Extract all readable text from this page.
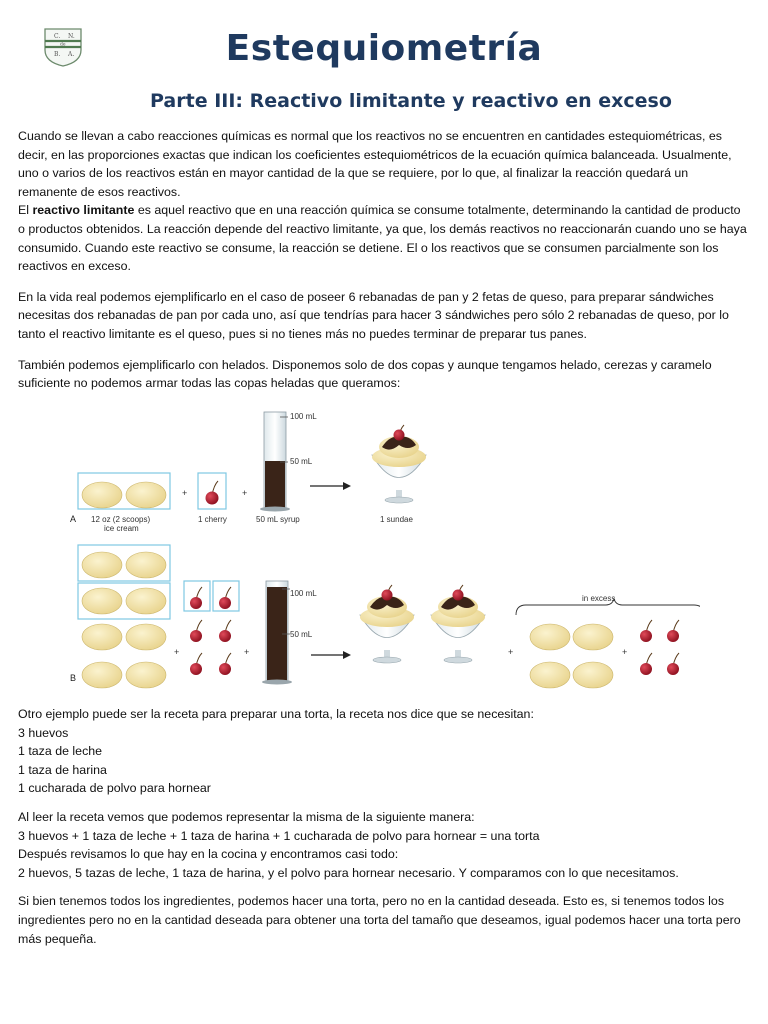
C. N.
de
B. A.	Estequiometría
Parte III: Reactivo limitante y reactivo en exceso

Cuando se llevan a cabo reacciones químicas es normal que los reactivos no se encuentren en cantidades estequiométricas, es decir, en las proporciones exactas que indican los coeficientes estequiométricos de la ecuación química balanceada. Usualmente, uno o varios de los reactivos están en mayor cantidad de la que se requiere, por lo que, al finalizar la reacción quedará un remanente de esos reactivos.

El reactivo limitante es aquel reactivo que en una reacción química se consume totalmente, determinando la cantidad de producto o productos obtenidos. La reacción depende del reactivo limitante, ya que, los demás reactivos no reaccionarán cuando uno se haya consumido. Cuando este reactivo se consume, la reacción se detiene. El o los reactivos que se consumen parcialmente son los reactivos en exceso.

En la vida real podemos ejemplificarlo en el caso de poseer 6 rebanadas de pan y 2 fetas de queso, para preparar sándwiches necesitas dos rebanadas de pan por cada uno, así que tendrías para hacer 3 sándwiches pero sólo 2 rebanadas de queso, por lo tanto el reactivo limitante es el queso, pues si no tienes más no puedes terminar de preparar tus panes.

También podemos ejemplificarlo con helados. Disponemos solo de dos copas y aunque tengamos helado, cerezas y caramelo suficiente no podemos armar todas las copas heladas que queramos:

A 12 oz (2 scoops)
ice cream
+
1 cherry
+
100 mL
50 mL
50 mL syrup	1 sundae
B
+	+
100 mL
50 mL
+
in excess
+

Otro ejemplo puede ser la receta para preparar una torta, la receta nos dice que se necesitan:

3 huevos

1 taza de leche

1 taza de harina

1 cucharada de polvo para hornear

Al leer la receta vemos que podemos representar la misma de la siguiente manera:

3 huevos + 1 taza de leche + 1 taza de harina + 1 cucharada de polvo para hornear = una torta

Después revisamos lo que hay en la cocina y encontramos casi todo:

2 huevos, 5 tazas de leche, 1 taza de harina, y el polvo para hornear necesario. Y comparamos con lo que necesitamos.

Si bien tenemos todos los ingredientes, podemos hacer una torta, pero no en la cantidad deseada. Esto es, si tenemos todos los ingredientes pero no en la cantidad deseada para obtener una torta del tamaño que deseamos, igual podemos hacer una torta pero más pequeña.
